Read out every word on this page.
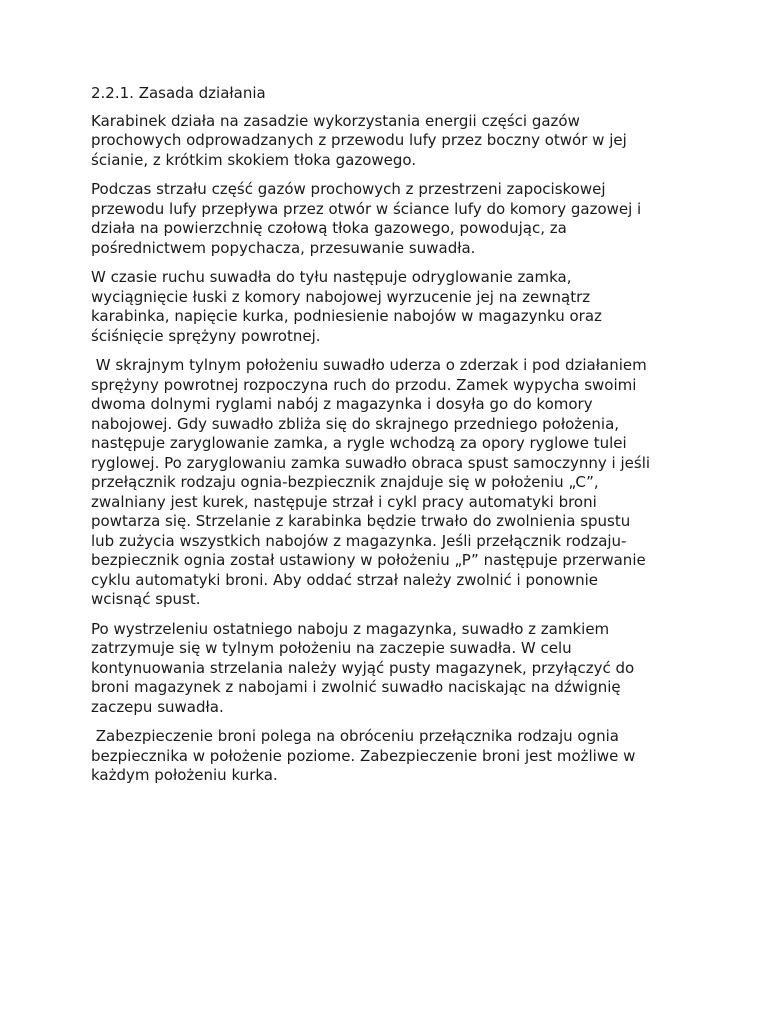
2.2.1. Zasada działania

Karabinek działa na zasadzie wykorzystania energii części gazów
prochowych odprowadzanych z przewodu lufy przez boczny otwór w jej
ścianie, z krótkim skokiem tłoka gazowego.

Podczas strzału część gazów prochowych z przestrzeni zapociskowej
przewodu lufy przepływa przez otwór w ściance lufy do komory gazowej i
działa na powierzchnię czołową tłoka gazowego, powodując, za
pośrednictwem popychacza, przesuwanie suwadła.

W czasie ruchu suwadła do tyłu następuje odryglowanie zamka,
wyciągnięcie łuski z komory nabojowej wyrzucenie jej na zewnątrz
karabinka, napięcie kurka, podniesienie nabojów w magazynku oraz
ściśnięcie sprężyny powrotnej.

W skrajnym tylnym położeniu suwadło uderza o zderzak i pod działaniem
sprężyny powrotnej rozpoczyna ruch do przodu. Zamek wypycha swoimi
dwoma dolnymi ryglami nabój z magazynka i dosyła go do komory
nabojowej. Gdy suwadło zbliża się do skrajnego przedniego położenia,
następuje zaryglowanie zamka, a rygle wchodzą za opory ryglowe tulei
ryglowej. Po zaryglowaniu zamka suwadło obraca spust samoczynny i jeśli
przełącznik rodzaju ognia-bezpiecznik znajduje się w położeniu „C”,
zwalniany jest kurek, następuje strzał i cykl pracy automatyki broni
powtarza się. Strzelanie z karabinka będzie trwało do zwolnienia spustu
lub zużycia wszystkich nabojów z magazynka. Jeśli przełącznik rodzaju-
bezpiecznik ognia został ustawiony w położeniu „P” następuje przerwanie
cyklu automatyki broni. Aby oddać strzał należy zwolnić i ponownie
wcisnąć spust.

Po wystrzeleniu ostatniego naboju z magazynka, suwadło z zamkiem
zatrzymuje się w tylnym położeniu na zaczepie suwadła. W celu
kontynuowania strzelania należy wyjąć pusty magazynek, przyłączyć do
broni magazynek z nabojami i zwolnić suwadło naciskając na dźwignię
zaczepu suwadła.

Zabezpieczenie broni polega na obróceniu przełącznika rodzaju ognia
bezpiecznika w położenie poziome. Zabezpieczenie broni jest możliwe w
każdym położeniu kurka.
